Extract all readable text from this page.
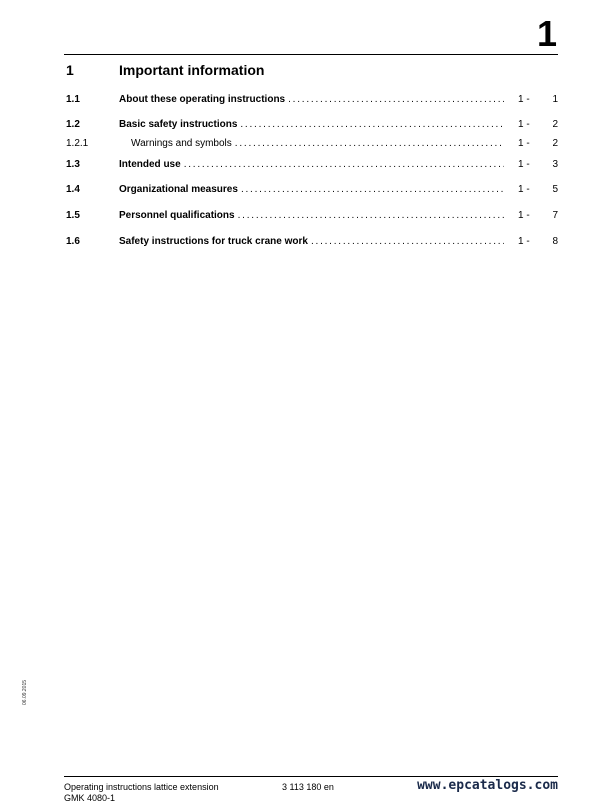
1
1	Important information
1.1	About these operating instructions . . .	1 - 1
1.2	Basic safety instructions . . .	1 - 2
1.2.1	Warnings and symbols . . .	1 - 2
1.3	Intended use . . .	1 - 3
1.4	Organizational measures . . .	1 - 5
1.5	Personnel qualifications . . .	1 - 7
1.6	Safety instructions for truck crane work . . .	1 - 8
06.09.2015
Operating instructions lattice extension
GMK 4080-1
3 113 180 en	www.epcatalogs.com
